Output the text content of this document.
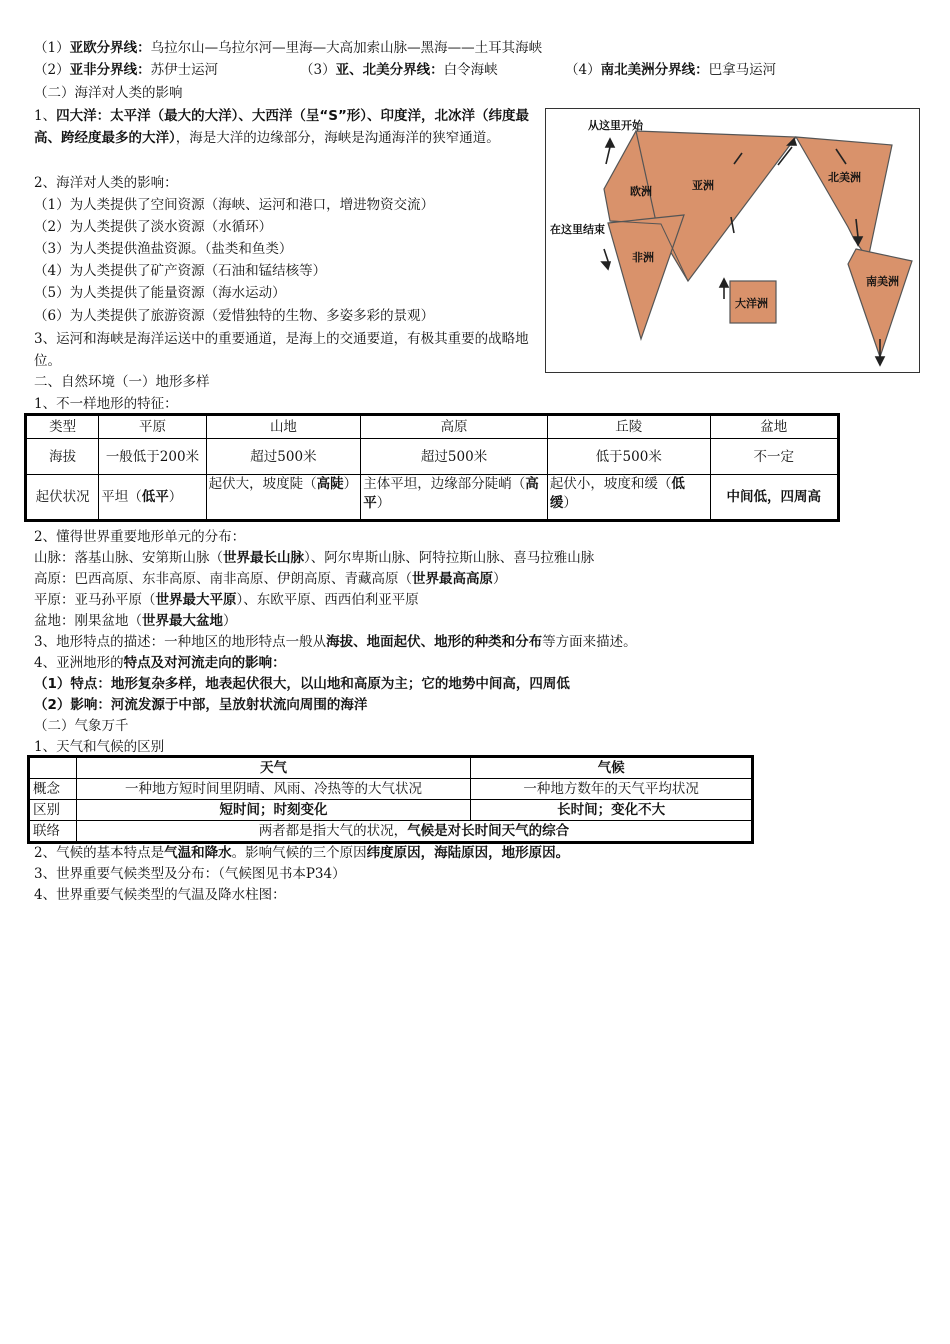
（1）亚欧分界线：乌拉尔山—乌拉尔河—里海—大高加索山脉—黑海——土耳其海峡
（2）亚非分界线：苏伊士运河	（3）亚、北美分界线：白令海峡	（4）南北美洲分界线：巴拿马运河
（二）海洋对人类的影响
1、四大洋：太平洋（最大的大洋）、大西洋（呈“S”形）、印度洋，北冰洋（纬度最高、跨经度最多的大洋），海是大洋的边缘部分，海峡是沟通海洋的狭窄通道。
2、海洋对人类的影响：
（1）为人类提供了空间资源（海峡、运河和港口，增进物资交流）
（2）为人类提供了淡水资源（水循环）
（3）为人类提供渔盐资源。（盐类和鱼类）
（4）为人类提供了矿产资源（石油和锰结核等）
（5）为人类提供了能量资源（海水运动）
（6）为人类提供了旅游资源（爱惜独特的生物、多姿多彩的景观）
3、运河和海峡是海洋运送中的重要通道，是海上的交通要道，有极其重要的战略地位。
从这里开始
在这里结束
欧洲	亚洲
非洲
北美洲
南美洲
大洋洲
二、自然环境（一）地形多样
1、不一样地形的特征：
类型	平原	山地	高原	丘陵	盆地
海拔	一般低于200米	超过500米	超过500米	低于500米	不一定
起伏状况	平坦（低平）	起伏大，坡度陡（高陡）	主体平坦，边缘部分陡峭（高平）	起伏小，坡度和缓（低缓）	中间低，四周高
2、懂得世界重要地形单元的分布：
山脉：落基山脉、安第斯山脉（世界最长山脉）、阿尔卑斯山脉、阿特拉斯山脉、喜马拉雅山脉
高原：巴西高原、东非高原、南非高原、伊朗高原、青藏高原（世界最高高原）
平原：亚马孙平原（世界最大平原）、东欧平原、西西伯利亚平原
盆地：刚果盆地（世界最大盆地）
3、地形特点的描述：一种地区的地形特点一般从海拔、地面起伏、地形的种类和分布等方面来描述。
4、亚洲地形的特点及对河流走向的影响：
（1）特点：地形复杂多样，地表起伏很大，以山地和高原为主；它的地势中间高，四周低
（2）影响：河流发源于中部，呈放射状流向周围的海洋
（二）气象万千
1、天气和气候的区别
	天气	气候
概念	一种地方短时间里阴晴、风雨、冷热等的大气状况	一种地方数年的天气平均状况
区别	短时间；时刻变化	长时间；变化不大
联络	两者都是指大气的状况，气候是对长时间天气的综合	
2、气候的基本特点是气温和降水。影响气候的三个原因纬度原因，海陆原因，地形原因。
3、世界重要气候类型及分布：（气候图见书本P34）
4、世界重要气候类型的气温及降水柱图：
